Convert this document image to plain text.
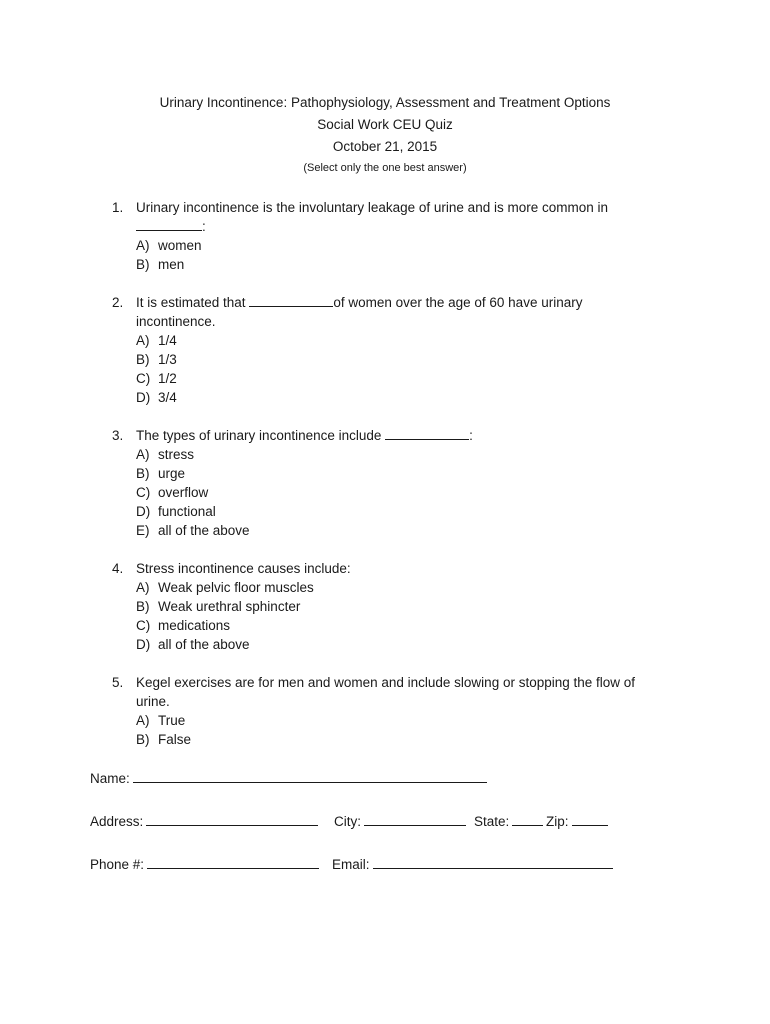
Urinary Incontinence: Pathophysiology, Assessment and Treatment Options
Social Work CEU Quiz
October 21, 2015
(Select only the one best answer)
1. Urinary incontinence is the involuntary leakage of urine and is more common in
:
A) women
B) men
2. It is estimated that	of women over the age of 60 have urinary
incontinence.
A) 1/4
B) 1/3
C) 1/2
D) 3/4
3. The types of urinary incontinence include	:
A) stress
B) urge
C) overflow
D) functional
E) all of the above
4. Stress incontinence causes include:
A) Weak pelvic floor muscles
B) Weak urethral sphincter
C) medications
D) all of the above
5. Kegel exercises are for men and women and include slowing or stopping the flow of
urine.
A) True
B) False
Name:
Address:	City:	State:	Zip:
Phone #:	Email:
